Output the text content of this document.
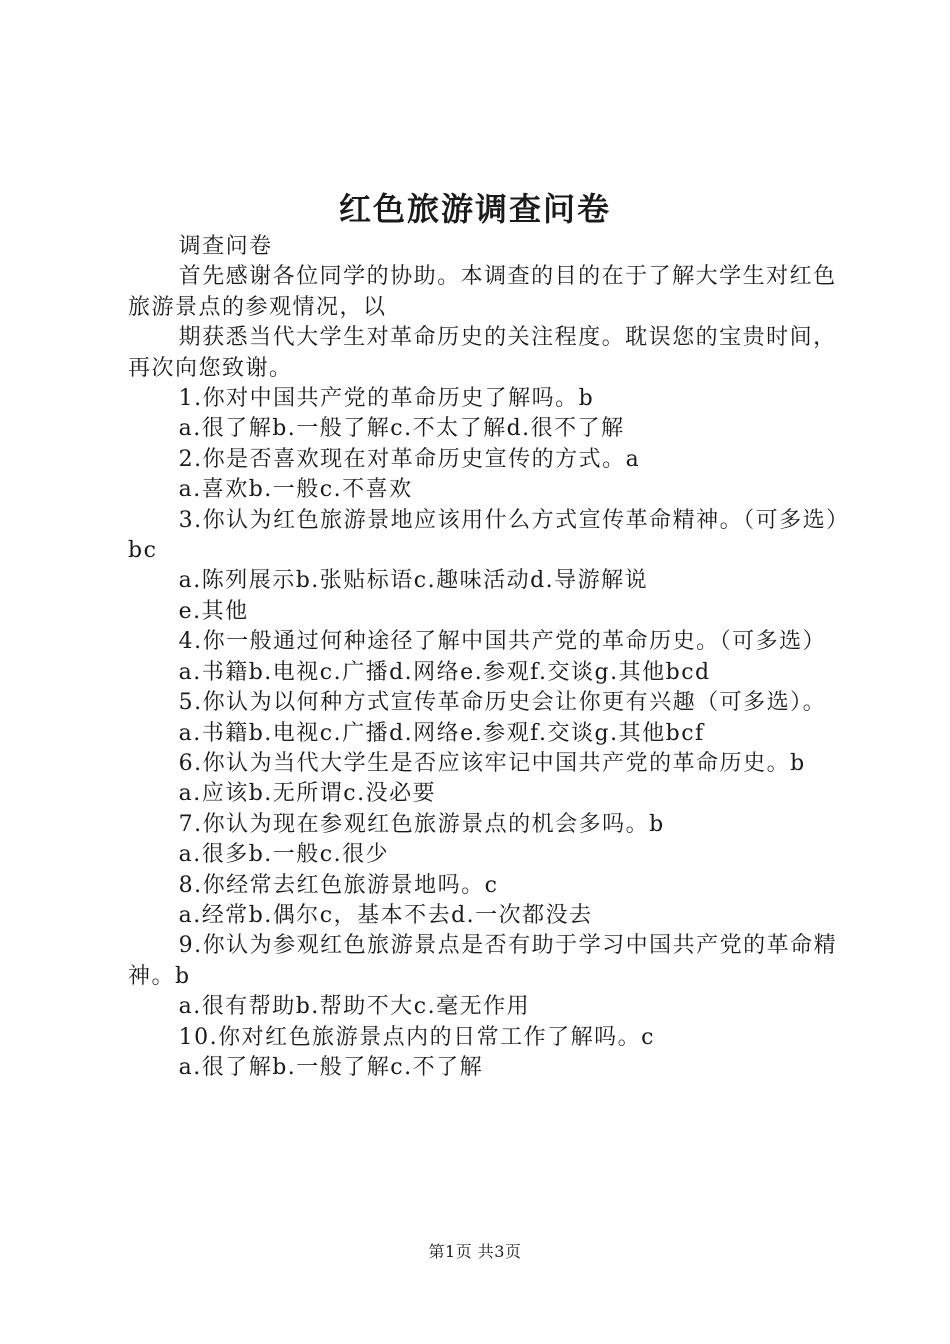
红色旅游调查问卷

调查问卷

首先感谢各位同学的协助。本调查的目的在于了解大学生对红色旅游景点的参观情况，以

期获悉当代大学生对革命历史的关注程度。耽误您的宝贵时间，再次向您致谢。

1.你对中国共产党的革命历史了解吗。b

a.很了解b.一般了解c.不太了解d.很不了解

2.你是否喜欢现在对革命历史宣传的方式。a

a.喜欢b.一般c.不喜欢

3.你认为红色旅游景地应该用什么方式宣传革命精神。（可多选）bc

a.陈列展示b.张贴标语c.趣味活动d.导游解说

e.其他

4.你一般通过何种途径了解中国共产党的革命历史。（可多选）

a.书籍b.电视c.广播d.网络e.参观f.交谈g.其他bcd

5.你认为以何种方式宣传革命历史会让你更有兴趣（可多选）。

a.书籍b.电视c.广播d.网络e.参观f.交谈g.其他bcf

6.你认为当代大学生是否应该牢记中国共产党的革命历史。b

a.应该b.无所谓c.没必要

7.你认为现在参观红色旅游景点的机会多吗。b

a.很多b.一般c.很少

8.你经常去红色旅游景地吗。c

a.经常b.偶尔c，基本不去d.一次都没去

9.你认为参观红色旅游景点是否有助于学习中国共产党的革命精神。b

a.很有帮助b.帮助不大c.毫无作用

10.你对红色旅游景点内的日常工作了解吗。c

a.很了解b.一般了解c.不了解

第1页 共3页
